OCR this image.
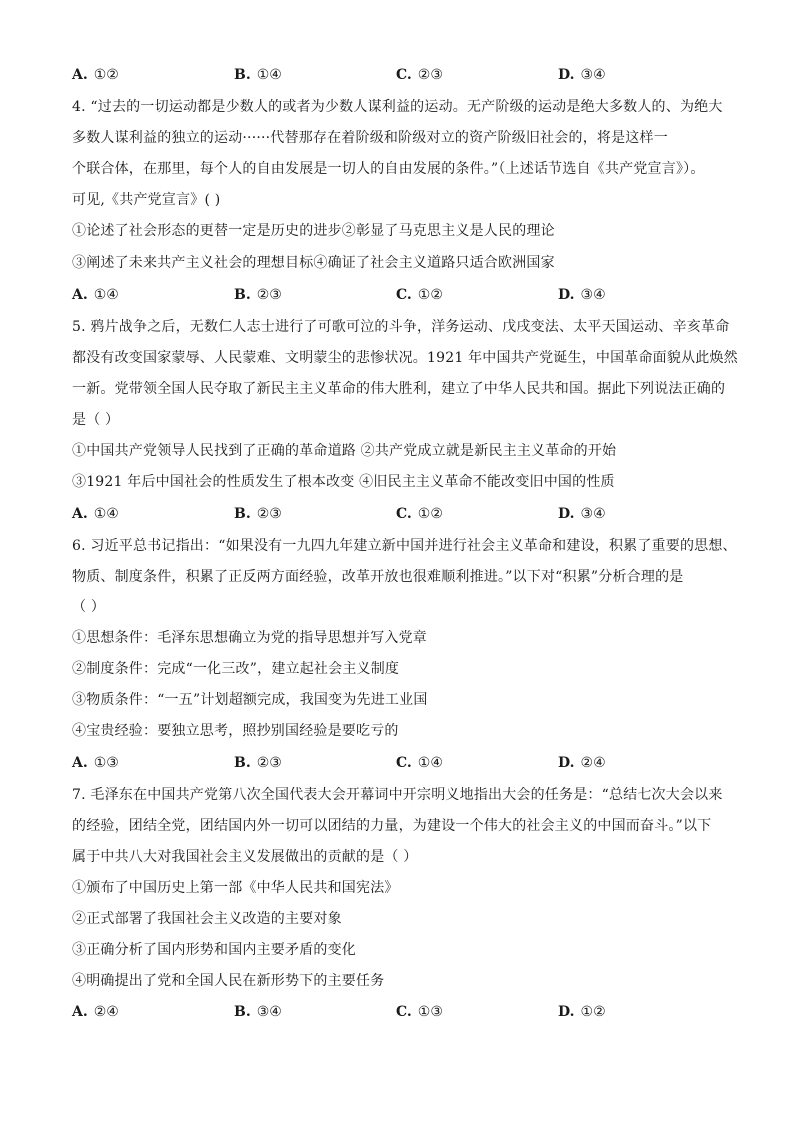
A. ①②	B. ①④	C. ②③	D. ③④
4. “过去的一切运动都是少数人的或者为少数人谋利益的运动。无产阶级的运动是绝大多数人的、为绝大
多数人谋利益的独立的运动······代替那存在着阶级和阶级对立的资产阶级旧社会的，将是这样一
个联合体，在那里，每个人的自由发展是一切人的自由发展的条件。”（上述话节选自《共产党宣言》）。
可见,《共产党宣言》( )
①论述了社会形态的更替一定是历史的进步②彰显了马克思主义是人民的理论
③阐述了未来共产主义社会的理想目标④确证了社会主义道路只适合欧洲国家
A. ①④	B. ②③	C. ①②	D. ③④
5. 鸦片战争之后，无数仁人志士进行了可歌可泣的斗争，洋务运动、戊戌变法、太平天国运动、辛亥革命
都没有改变国家蒙辱、人民蒙难、文明蒙尘的悲惨状况。1921 年中国共产党诞生，中国革命面貌从此焕然
一新。党带领全国人民夺取了新民主主义革命的伟大胜利，建立了中华人民共和国。据此下列说法正确的
是（ ）
①中国共产党领导人民找到了正确的革命道路 ②共产党成立就是新民主主义革命的开始
③1921 年后中国社会的性质发生了根本改变 ④旧民主主义革命不能改变旧中国的性质
A. ①④	B. ②③	C. ①②	D. ③④
6. 习近平总书记指出：“如果没有一九四九年建立新中国并进行社会主义革命和建设，积累了重要的思想、
物质、制度条件，积累了正反两方面经验，改革开放也很难顺利推进。”以下对“积累”分析合理的是
（ ）
①思想条件：毛泽东思想确立为党的指导思想并写入党章
②制度条件：完成“一化三改”，建立起社会主义制度
③物质条件：“一五”计划超额完成，我国变为先进工业国
④宝贵经验：要独立思考，照抄别国经验是要吃亏的
A. ①③	B. ②③	C. ①④	D. ②④
7. 毛泽东在中国共产党第八次全国代表大会开幕词中开宗明义地指出大会的任务是：“总结七次大会以来
的经验，团结全党，团结国内外一切可以团结的力量，为建设一个伟大的社会主义的中国而奋斗。”以下
属于中共八大对我国社会主义发展做出的贡献的是（ ）
①颁布了中国历史上第一部《中华人民共和国宪法》
②正式部署了我国社会主义改造的主要对象
③正确分析了国内形势和国内主要矛盾的变化
④明确提出了党和全国人民在新形势下的主要任务
A. ②④	B. ③④	C. ①③	D. ①②
